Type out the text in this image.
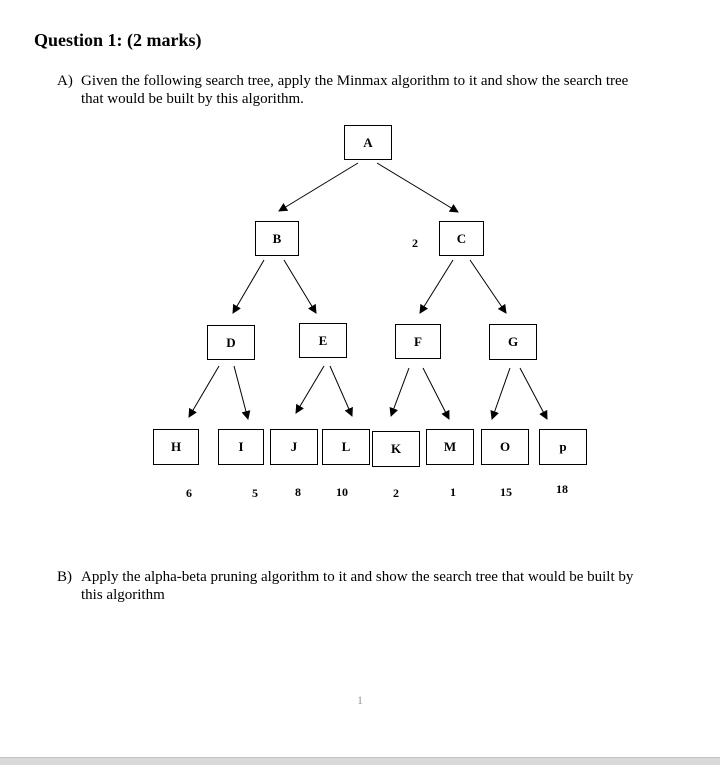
Question 1: (2 marks)
A) Given the following search tree, apply the Minmax algorithm to it and show the search tree
that would be built by this algorithm.
A
B	C
D	E	F	G
H	I	J	L	K	M	O	p
2
6	5	8	10	2	1	15	18
B) Apply the alpha-beta pruning algorithm to it and show the search tree that would be built by
this algorithm
1
